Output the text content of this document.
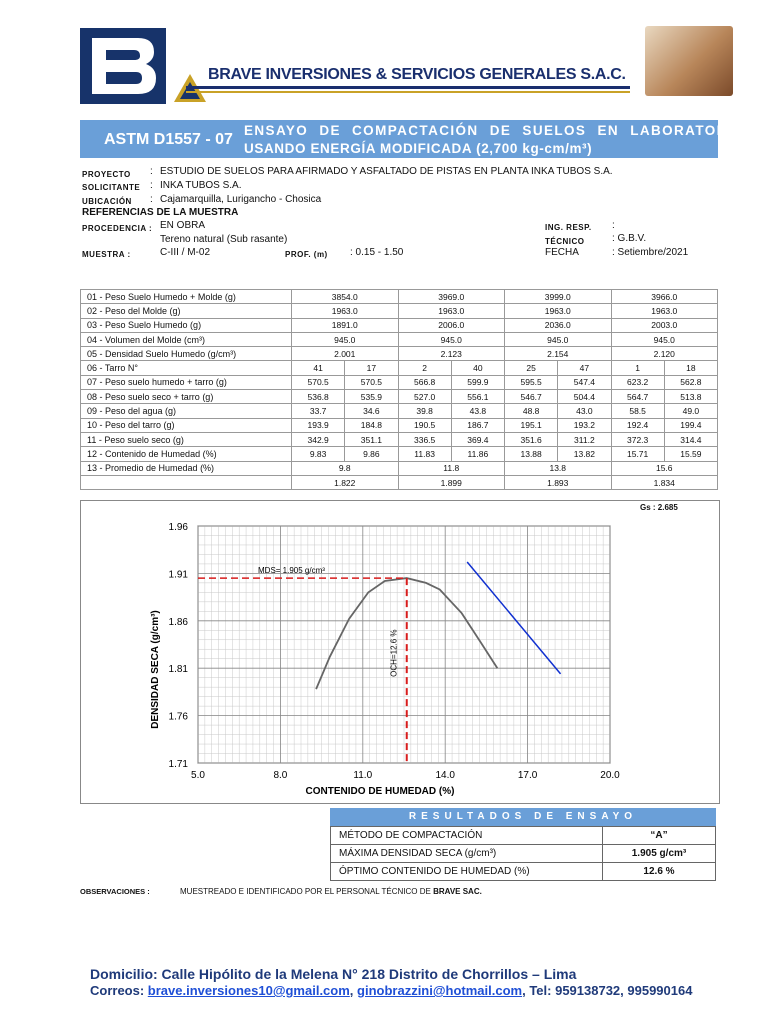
BRAVE INVERSIONES & SERVICIOS GENERALES S.A.C.
ASTM D1557 - 07
ENSAYO DE COMPACTACIÓN DE SUELOS EN LABORATORIO
USANDO ENERGÍA MODIFICADA (2,700 kg-cm/m³)
PROYECTO : ESTUDIO DE SUELOS PARA AFIRMADO Y ASFALTADO DE PISTAS EN PLANTA INKA TUBOS S.A.
SOLICITANTE : INKA TUBOS S.A.
UBICACIÓN : Cajamarquilla, Lurigancho - Chosica
REFERENCIAS DE LA MUESTRA
PROCEDENCIA : EN OBRA
Tereno natural (Sub rasante)
MUESTRA :	C-III / M-02	PROF. (m) : 0.15 - 1.50
ING. RESP. :
TÉCNICO	: G.B.V.
FECHA	: Setiembre/2021
01 - Peso Suelo Humedo + Molde (g)	3854.0		3969.0		3999.0		3966.0	
02 - Peso del Molde (g)	1963.0		1963.0		1963.0		1963.0	
03 - Peso Suelo Humedo (g)	1891.0		2006.0		2036.0		2003.0	
04 - Volumen del Molde (cm³)	945.0		945.0		945.0		945.0	
05 - Densidad Suelo Humedo (g/cm³)	2.001		2.123		2.154		2.120	
06 - Tarro N°	41	17	2	40	25	47	1	18
07 - Peso suelo humedo + tarro (g)	570.5	570.5	566.8	599.9	595.5	547.4	623.2	562.8
08 - Peso suelo seco + tarro (g)	536.8	535.9	527.0	556.1	546.7	504.4	564.7	513.8
09 - Peso del agua (g)	33.7	34.6	39.8	43.8	48.8	43.0	58.5	49.0
10 - Peso del tarro (g)	193.9	184.8	190.5	186.7	195.1	193.2	192.4	199.4
11 - Peso suelo seco (g)	342.9	351.1	336.5	369.4	351.6	311.2	372.3	314.4
12 - Contenido de Humedad (%)	9.83	9.86	11.83	11.86	13.88	13.82	15.71	15.59
13 - Promedio de Humedad (%)	9.8		11.8		13.8		15.6	
	1.822		1.899		1.893		1.834	
Gs : 2.685
5.0	8.0	11.0	14.0	17.0	20.0
1.71
1.76
1.81
1.86
1.91
1.96
CONTENIDO DE HUMEDAD (%)
DENSIDAD SECA (g/cm³)
MDS= 1.905 g/cm³
OCH=12.6 %
RESULTADOS DE ENSAYO
MÉTODO DE COMPACTACIÓN	“A”
MÁXIMA DENSIDAD SECA (g/cm³)	1.905 g/cm³
ÓPTIMO CONTENIDO DE HUMEDAD (%)	12.6 %
OBSERVACIONES :	MUESTREADO E IDENTIFICADO POR EL PERSONAL TÉCNICO DE BRAVE SAC.
Domicilio: Calle Hipólito de la Melena N° 218 Distrito de Chorrillos – Lima
Correos: brave.inversiones10@gmail.com, ginobrazzini@hotmail.com, Tel: 959138732, 995990164
